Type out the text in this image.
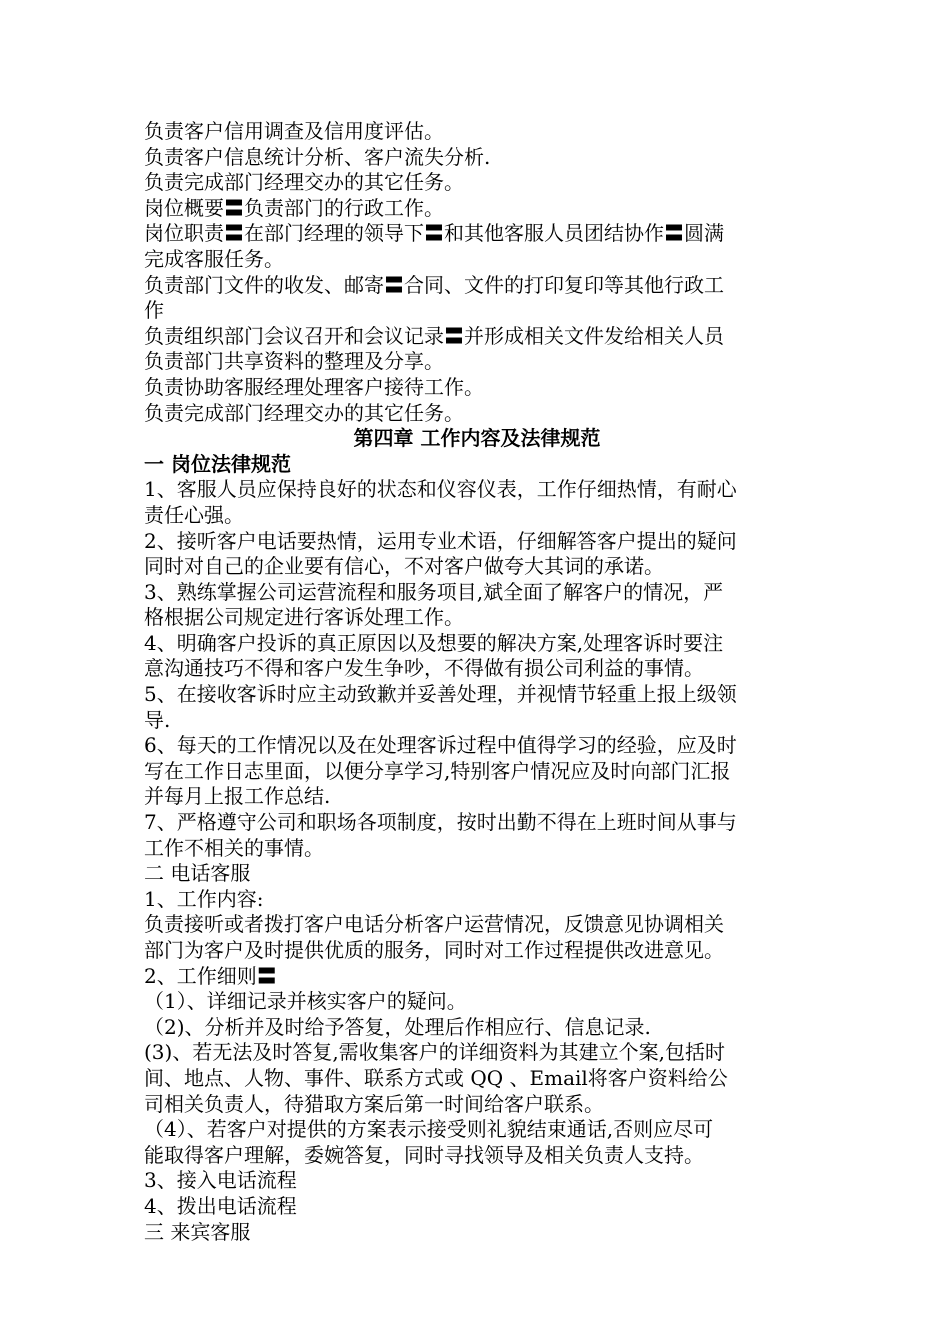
负责客户信用调查及信用度评估。
负责客户信息统计分析、客户流失分析.
负责完成部门经理交办的其它任务。
岗位概要〓负责部门的行政工作。
岗位职责〓在部门经理的领导下〓和其他客服人员团结协作〓圆满
完成客服任务。
负责部门文件的收发、邮寄〓合同、文件的打印复印等其他行政工
作
负责组织部门会议召开和会议记录〓并形成相关文件发给相关人员
负责部门共享资料的整理及分享。
负责协助客服经理处理客户接待工作。
负责完成部门经理交办的其它任务。
第四章 工作内容及法律规范
一 岗位法律规范
1、客服人员应保持良好的状态和仪容仪表，工作仔细热情，有耐心
责任心强。
2、接听客户电话要热情，运用专业术语，仔细解答客户提出的疑问
同时对自己的企业要有信心，不对客户做夸大其词的承诺。
3、熟练掌握公司运营流程和服务项目,斌全面了解客户的情况，严
格根据公司规定进行客诉处理工作。
4、明确客户投诉的真正原因以及想要的解决方案,处理客诉时要注
意沟通技巧不得和客户发生争吵，不得做有损公司利益的事情。
5、在接收客诉时应主动致歉并妥善处理，并视情节轻重上报上级领
导.
6、每天的工作情况以及在处理客诉过程中值得学习的经验，应及时
写在工作日志里面，以便分享学习,特别客户情况应及时向部门汇报
并每月上报工作总结.
7、严格遵守公司和职场各项制度，按时出勤不得在上班时间从事与
工作不相关的事情。
二 电话客服
1、工作内容:
负责接听或者拨打客户电话分析客户运营情况，反馈意见协调相关
部门为客户及时提供优质的服务，同时对工作过程提供改进意见。
2、工作细则〓
（1）、详细记录并核实客户的疑问。
（2)、分析并及时给予答复，处理后作相应行、信息记录.
(3)、若无法及时答复,需收集客户的详细资料为其建立个案,包括时
间、地点、人物、事件、联系方式或 QQ 、Email将客户资料给公
司相关负责人，待猎取方案后第一时间给客户联系。
（4）、若客户对提供的方案表示接受则礼貌结束通话,否则应尽可
能取得客户理解，委婉答复，同时寻找领导及相关负责人支持。
3、接入电话流程
4、拨出电话流程
三 来宾客服
